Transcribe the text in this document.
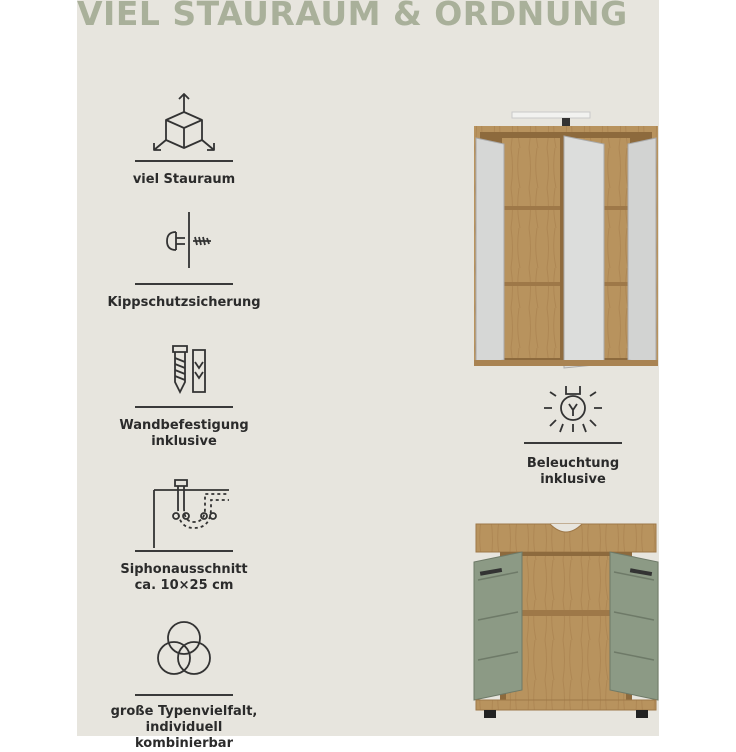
VIEL STAURAUM & ORDNUNG
viel Stauraum
Kippschutzsicherung
Wandbefestigung
inklusive
Siphonausschnitt
ca. 10×25 cm
große Typenvielfalt,
individuell kombinierbar
Beleuchtung
inklusive
